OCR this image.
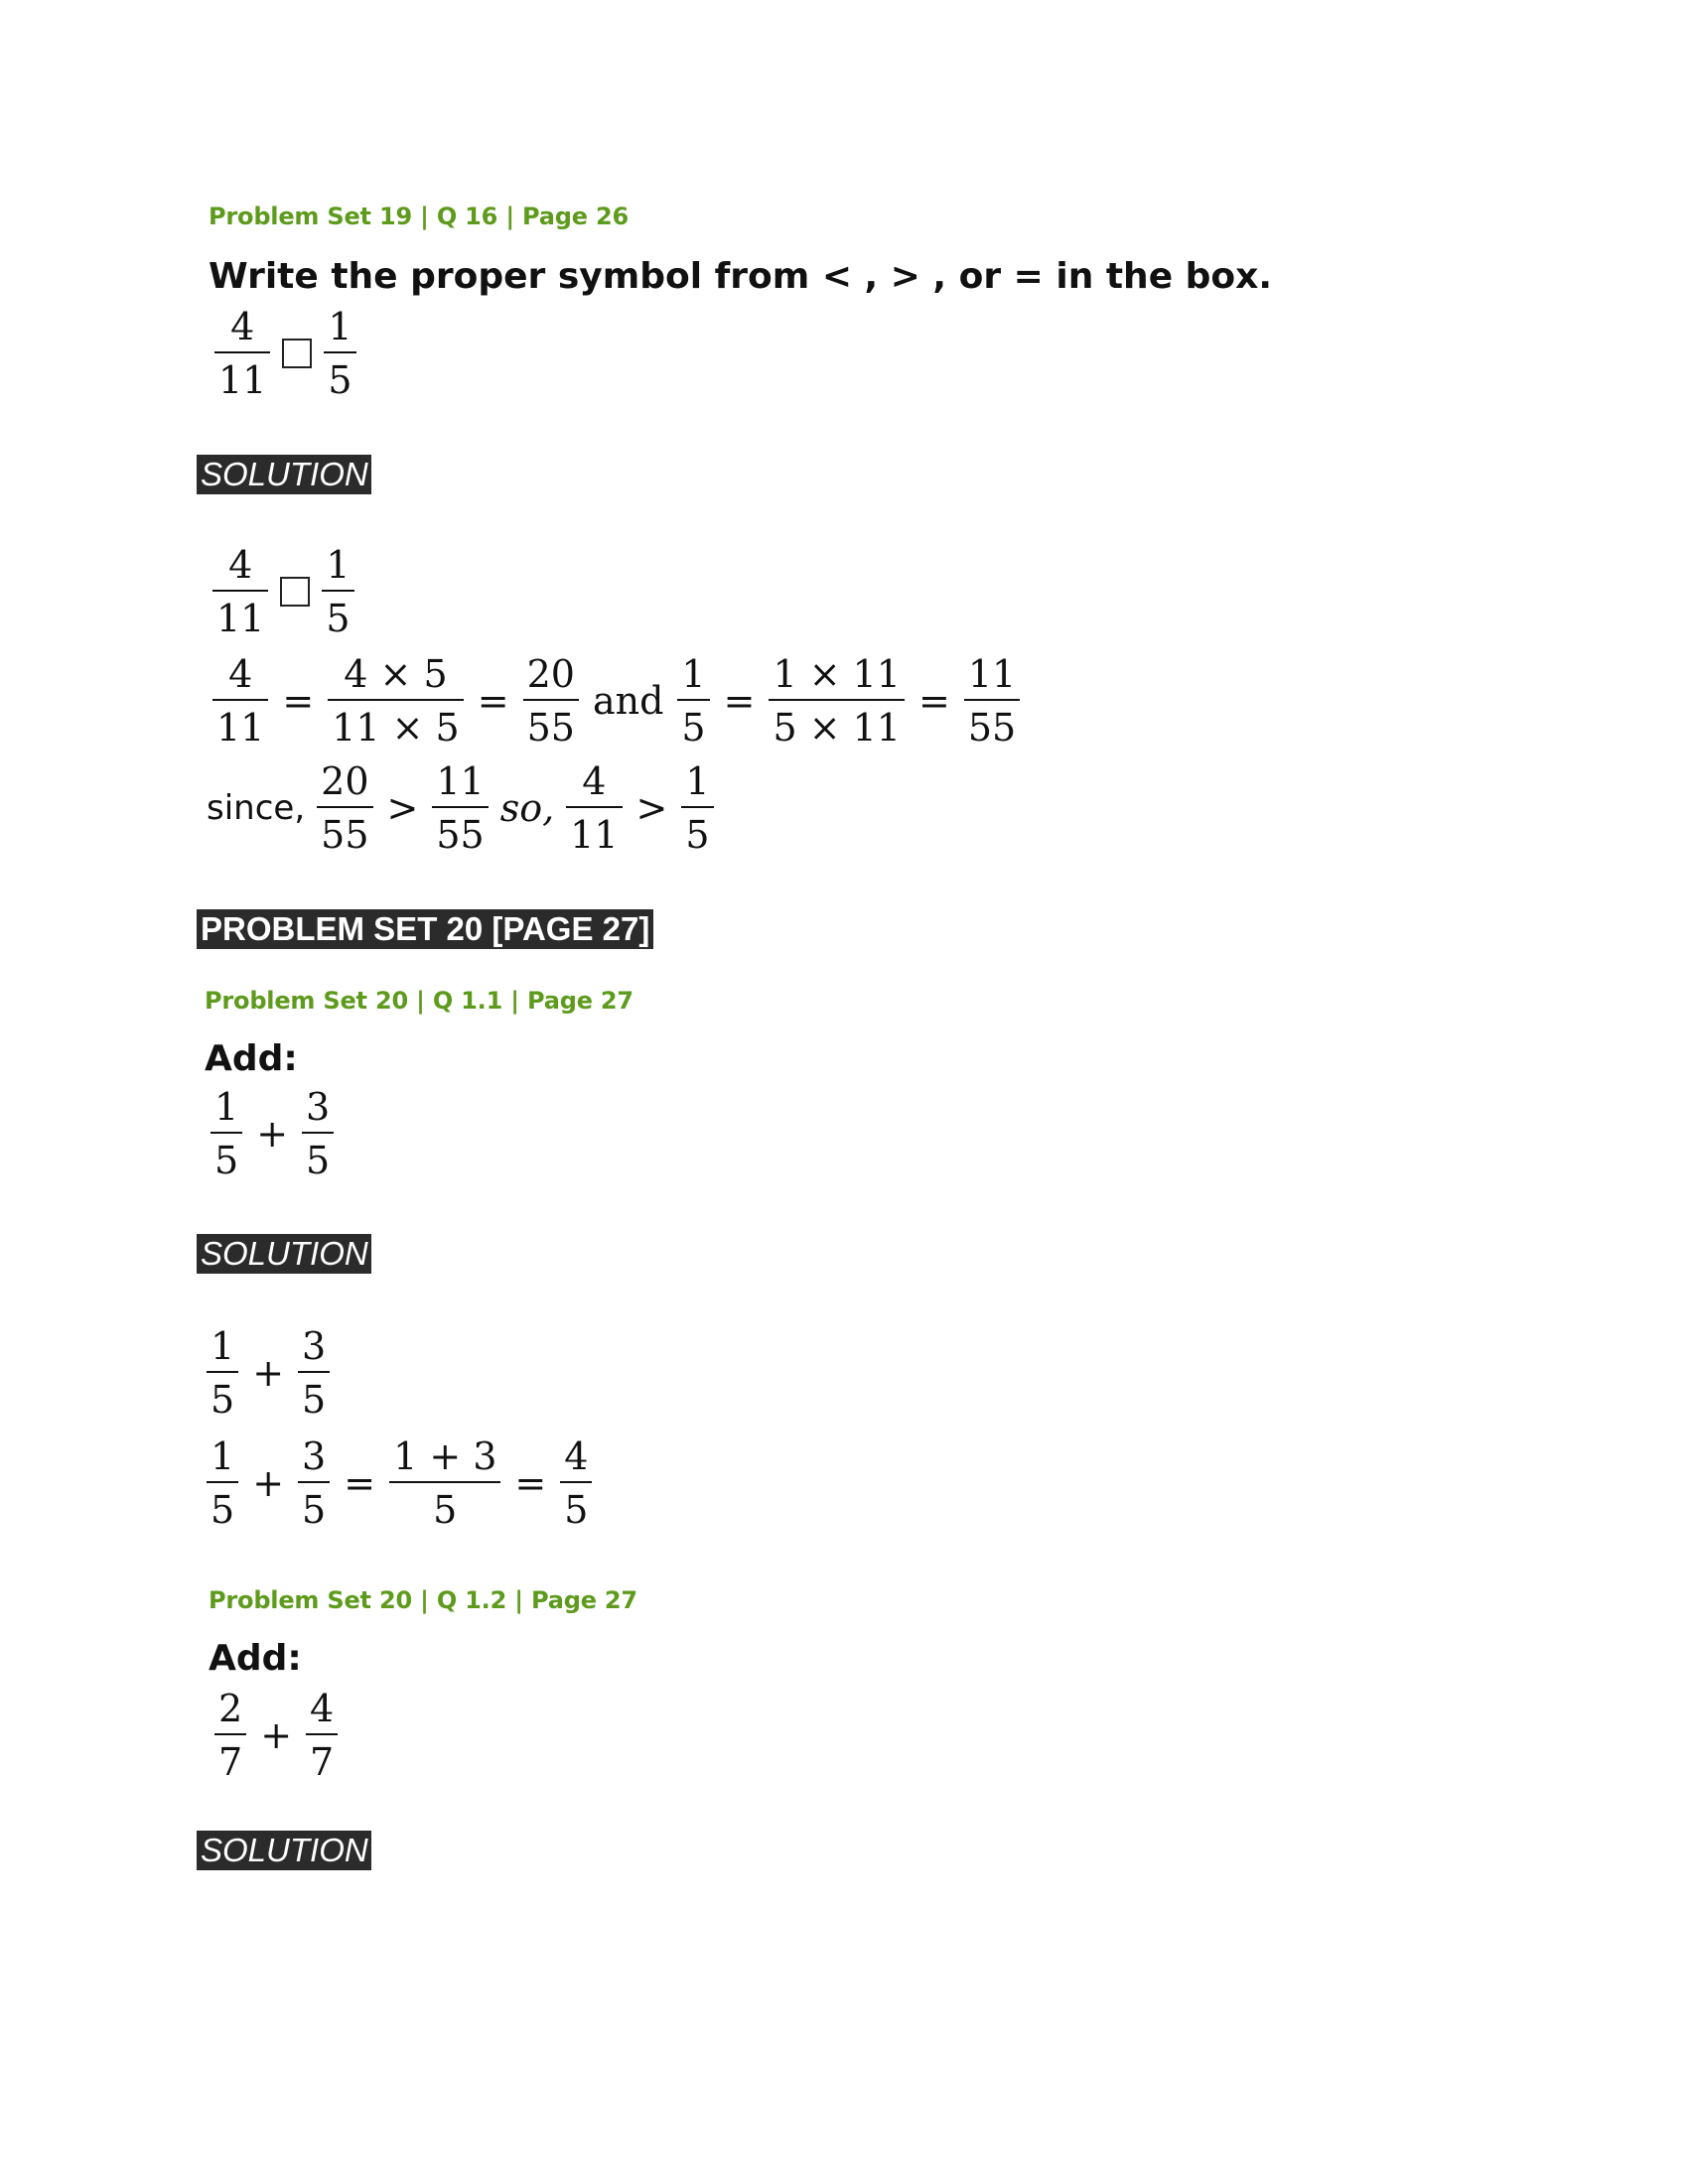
Problem Set 19 | Q 16 | Page 26
Write the proper symbol from < , > , or = in the box.
$\frac{4}{11} \frac{1}{5}$
SOLUTION
$\frac{4}{11} \frac{1}{5}$
$\frac{4}{11} = \frac{4 \times 5}{11 \times 5} = \frac{20}{55}$ and $\frac{1}{5} = \frac{1 \times 11}{5 \times 11} = \frac{11}{55}$
since, $\frac{20}{55} > \frac{11}{55}$ so, $\frac{4}{11} > \frac{1}{5}$
PROBLEM SET 20 [PAGE 27]
Problem Set 20 | Q 1.1 | Page 27
Add:
$\frac{1}{5} + \frac{3}{5}$
SOLUTION
$\frac{1}{5} + \frac{3}{5}$
$\frac{1}{5} + \frac{3}{5} = \frac{1 + 3}{5} = \frac{4}{5}$
Problem Set 20 | Q 1.2 | Page 27
Add:
$\frac{2}{7} + \frac{4}{7}$
SOLUTION
